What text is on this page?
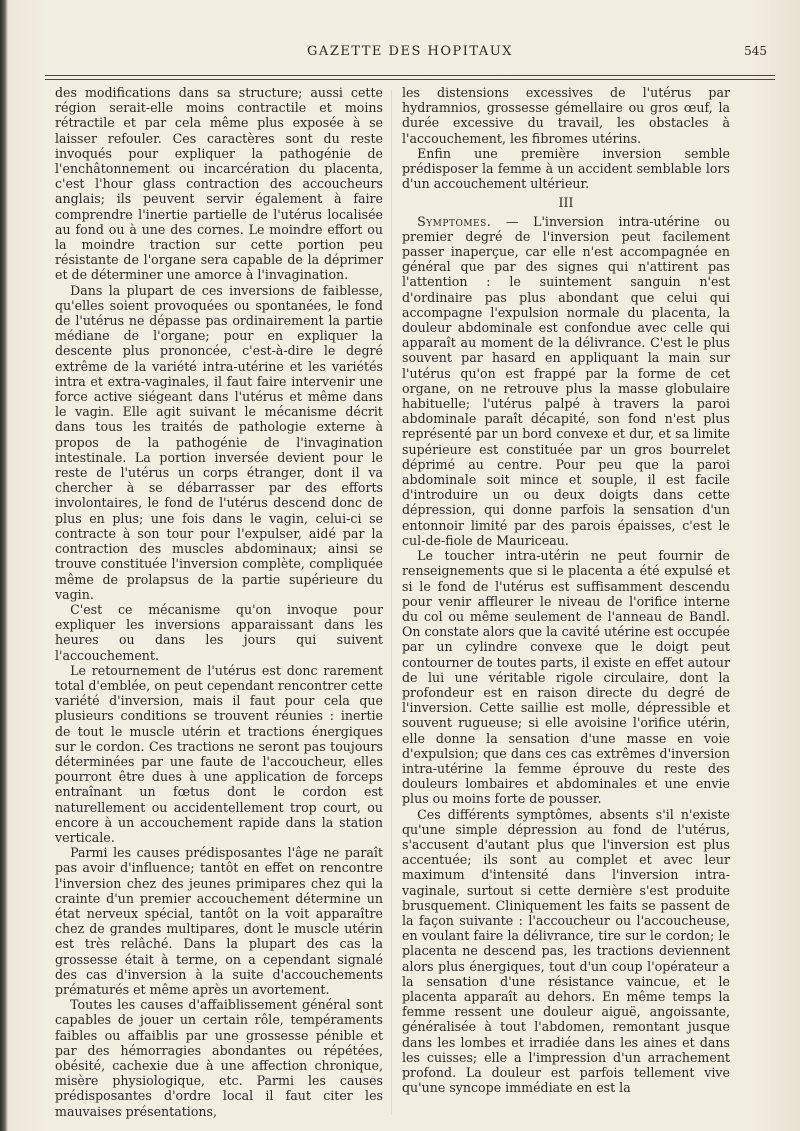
GAZETTE DES HOPITAUX	545

des modifications dans sa structure; aussi cette région serait-elle moins contractile et moins rétractile et par cela même plus exposée à se laisser refouler. Ces caractères sont du reste invoqués pour expliquer la pathogénie de l'enchâtonnement ou incarcération du placenta, c'est l'hour glass contraction des accoucheurs anglais; ils peuvent servir également à faire comprendre l'inertie partielle de l'utérus localisée au fond ou à une des cornes. Le moindre effort ou la moindre traction sur cette portion peu résistante de l'organe sera capable de la déprimer et de déterminer une amorce à l'invagination.

Dans la plupart de ces inversions de faiblesse, qu'elles soient provoquées ou spontanées, le fond de l'utérus ne dépasse pas ordinairement la partie médiane de l'organe; pour en expliquer la descente plus prononcée, c'est-à-dire le degré extrême de la variété intra-utérine et les variétés intra et extra-vaginales, il faut faire intervenir une force active siégeant dans l'utérus et même dans le vagin. Elle agit suivant le mécanisme décrit dans tous les traités de pathologie externe à propos de la pathogénie de l'invagination intestinale. La portion inversée devient pour le reste de l'utérus un corps étranger, dont il va chercher à se débarrasser par des efforts involontaires, le fond de l'utérus descend donc de plus en plus; une fois dans le vagin, celui-ci se contracte à son tour pour l'expulser, aidé par la contraction des muscles abdominaux; ainsi se trouve constituée l'inversion complète, compliquée même de prolapsus de la partie supérieure du vagin.

C'est ce mécanisme qu'on invoque pour expliquer les inversions apparaissant dans les heures ou dans les jours qui suivent l'accouchement.

Le retournement de l'utérus est donc rarement total d'emblée, on peut cependant rencontrer cette variété d'inversion, mais il faut pour cela que plusieurs conditions se trouvent réunies : inertie de tout le muscle utérin et tractions énergiques sur le cordon. Ces tractions ne seront pas toujours déterminées par une faute de l'accoucheur, elles pourront être dues à une application de forceps entraînant un fœtus dont le cordon est naturellement ou accidentellement trop court, ou encore à un accouchement rapide dans la station verticale.

Parmi les causes prédisposantes l'âge ne paraît pas avoir d'influence; tantôt en effet on rencontre l'inversion chez des jeunes primipares chez qui la crainte d'un premier accouchement détermine un état nerveux spécial, tantôt on la voit apparaître chez de grandes multipares, dont le muscle utérin est très relâché. Dans la plupart des cas la grossesse était à terme, on a cependant signalé des cas d'inversion à la suite d'accouchements prématurés et même après un avortement.

Toutes les causes d'affaiblissement général sont capables de jouer un certain rôle, tempéraments faibles ou affaiblis par une grossesse pénible et par des hémorragies abondantes ou répétées, obésité, cachexie due à une affection chronique, misère physiologique, etc. Parmi les causes prédisposantes d'ordre local il faut citer les mauvaises présentations,

les distensions excessives de l'utérus par hydramnios, grossesse gémellaire ou gros œuf, la durée excessive du travail, les obstacles à l'accouchement, les fibromes utérins.

Enfin une première inversion semble prédisposer la femme à un accident semblable lors d'un accouchement ultérieur.

III

Symptomes. — L'inversion intra-utérine ou premier degré de l'inversion peut facilement passer inaperçue, car elle n'est accompagnée en général que par des signes qui n'attirent pas l'attention : le suintement sanguin n'est d'ordinaire pas plus abondant que celui qui accompagne l'expulsion normale du placenta, la douleur abdominale est confondue avec celle qui apparaît au moment de la délivrance. C'est le plus souvent par hasard en appliquant la main sur l'utérus qu'on est frappé par la forme de cet organe, on ne retrouve plus la masse globulaire habituelle; l'utérus palpé à travers la paroi abdominale paraît décapité, son fond n'est plus représenté par un bord convexe et dur, et sa limite supérieure est constituée par un gros bourrelet déprimé au centre. Pour peu que la paroi abdominale soit mince et souple, il est facile d'introduire un ou deux doigts dans cette dépression, qui donne parfois la sensation d'un entonnoir limité par des parois épaisses, c'est le cul-de-fiole de Mauriceau.

Le toucher intra-utérin ne peut fournir de renseignements que si le placenta a été expulsé et si le fond de l'utérus est suffisamment descendu pour venir affleurer le niveau de l'orifice interne du col ou même seulement de l'anneau de Bandl. On constate alors que la cavité utérine est occupée par un cylindre convexe que le doigt peut contourner de toutes parts, il existe en effet autour de lui une véritable rigole circulaire, dont la profondeur est en raison directe du degré de l'inversion. Cette saillie est molle, dépressible et souvent rugueuse; si elle avoisine l'orifice utérin, elle donne la sensation d'une masse en voie d'expulsion; que dans ces cas extrêmes d'inversion intra-utérine la femme éprouve du reste des douleurs lombaires et abdominales et une envie plus ou moins forte de pousser.

Ces différents symptômes, absents s'il n'existe qu'une simple dépression au fond de l'utérus, s'accusent d'autant plus que l'inversion est plus accentuée; ils sont au complet et avec leur maximum d'intensité dans l'inversion intra-vaginale, surtout si cette dernière s'est produite brusquement. Cliniquement les faits se passent de la façon suivante : l'accoucheur ou l'accoucheuse, en voulant faire la délivrance, tire sur le cordon; le placenta ne descend pas, les tractions deviennent alors plus énergiques, tout d'un coup l'opérateur a la sensation d'une résistance vaincue, et le placenta apparaît au dehors. En même temps la femme ressent une douleur aiguë, angoissante, généralisée à tout l'abdomen, remontant jusque dans les lombes et irradiée dans les aines et dans les cuisses; elle a l'impression d'un arrachement profond. La douleur est parfois tellement vive qu'une syncope immédiate en est la
